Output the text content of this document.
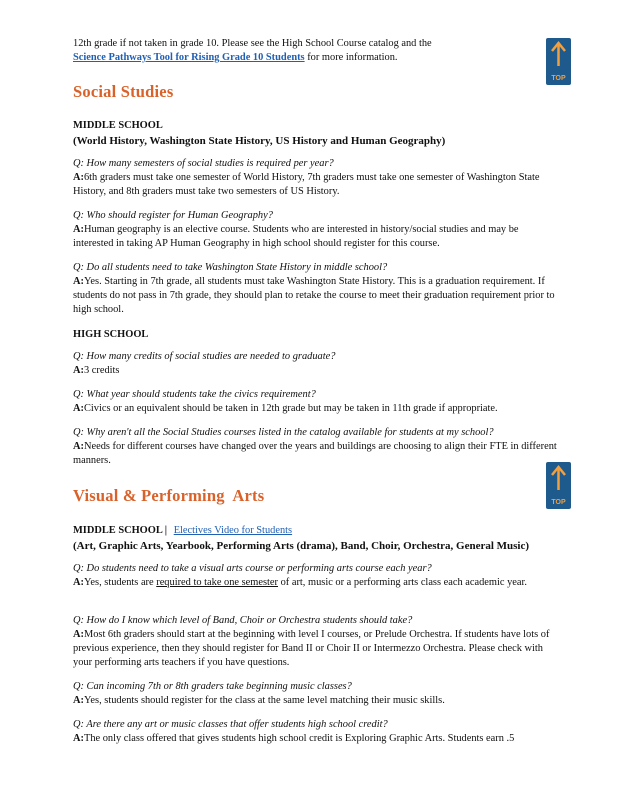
12th grade if not taken in grade 10. Please see the High School Course catalog and the
Science Pathways Tool for Rising Grade 10 Students for more information.
TOP
Social Studies
MIDDLE SCHOOL
(World History, Washington State History, US History and Human Geography)
Q: How many semesters of social studies is required per year?
A:6th graders must take one semester of World History, 7th graders must take one semester of Washington State History, and 8th graders must take two semesters of US History.
Q: Who should register for Human Geography?
A:Human geography is an elective course. Students who are interested in history/social studies and may be interested in taking AP Human Geography in high school should register for this course.
Q: Do all students need to take Washington State History in middle school?
A:Yes. Starting in 7th grade, all students must take Washington State History. This is a graduation requirement. If students do not pass in 7th grade, they should plan to retake the course to meet their graduation requirement prior to high school.
HIGH SCHOOL
Q: How many credits of social studies are needed to graduate?
A:3 credits
Q: What year should students take the civics requirement?
A:Civics or an equivalent should be taken in 12th grade but may be taken in 11th grade if appropriate.
Q: Why aren't all the Social Studies courses listed in the catalog available for students at my school?
A:Needs for different courses have changed over the years and buildings are choosing to align their FTE in different manners.
Visual & Performing  Arts	TOP
MIDDLE SCHOOL | Electives Video for Students
(Art, Graphic Arts, Yearbook, Performing Arts (drama), Band, Choir, Orchestra, General Music)
Q: Do students need to take a visual arts course or performing arts course each year?
A:Yes, students are required to take one semester of art, music or a performing arts class each academic year.
Q: How do I know which level of Band, Choir or Orchestra students should take?
A:Most 6th graders should start at the beginning with level I courses, or Prelude Orchestra. If students have lots of previous experience, then they should register for Band II or Choir II or Intermezzo Orchestra. Please check with your performing arts teachers if you have questions.
Q: Can incoming 7th or 8th graders take beginning music classes?
A:Yes, students should register for the class at the same level matching their music skills.
Q: Are there any art or music classes that offer students high school credit?
A:The only class offered that gives students high school credit is Exploring Graphic Arts. Students earn .5
